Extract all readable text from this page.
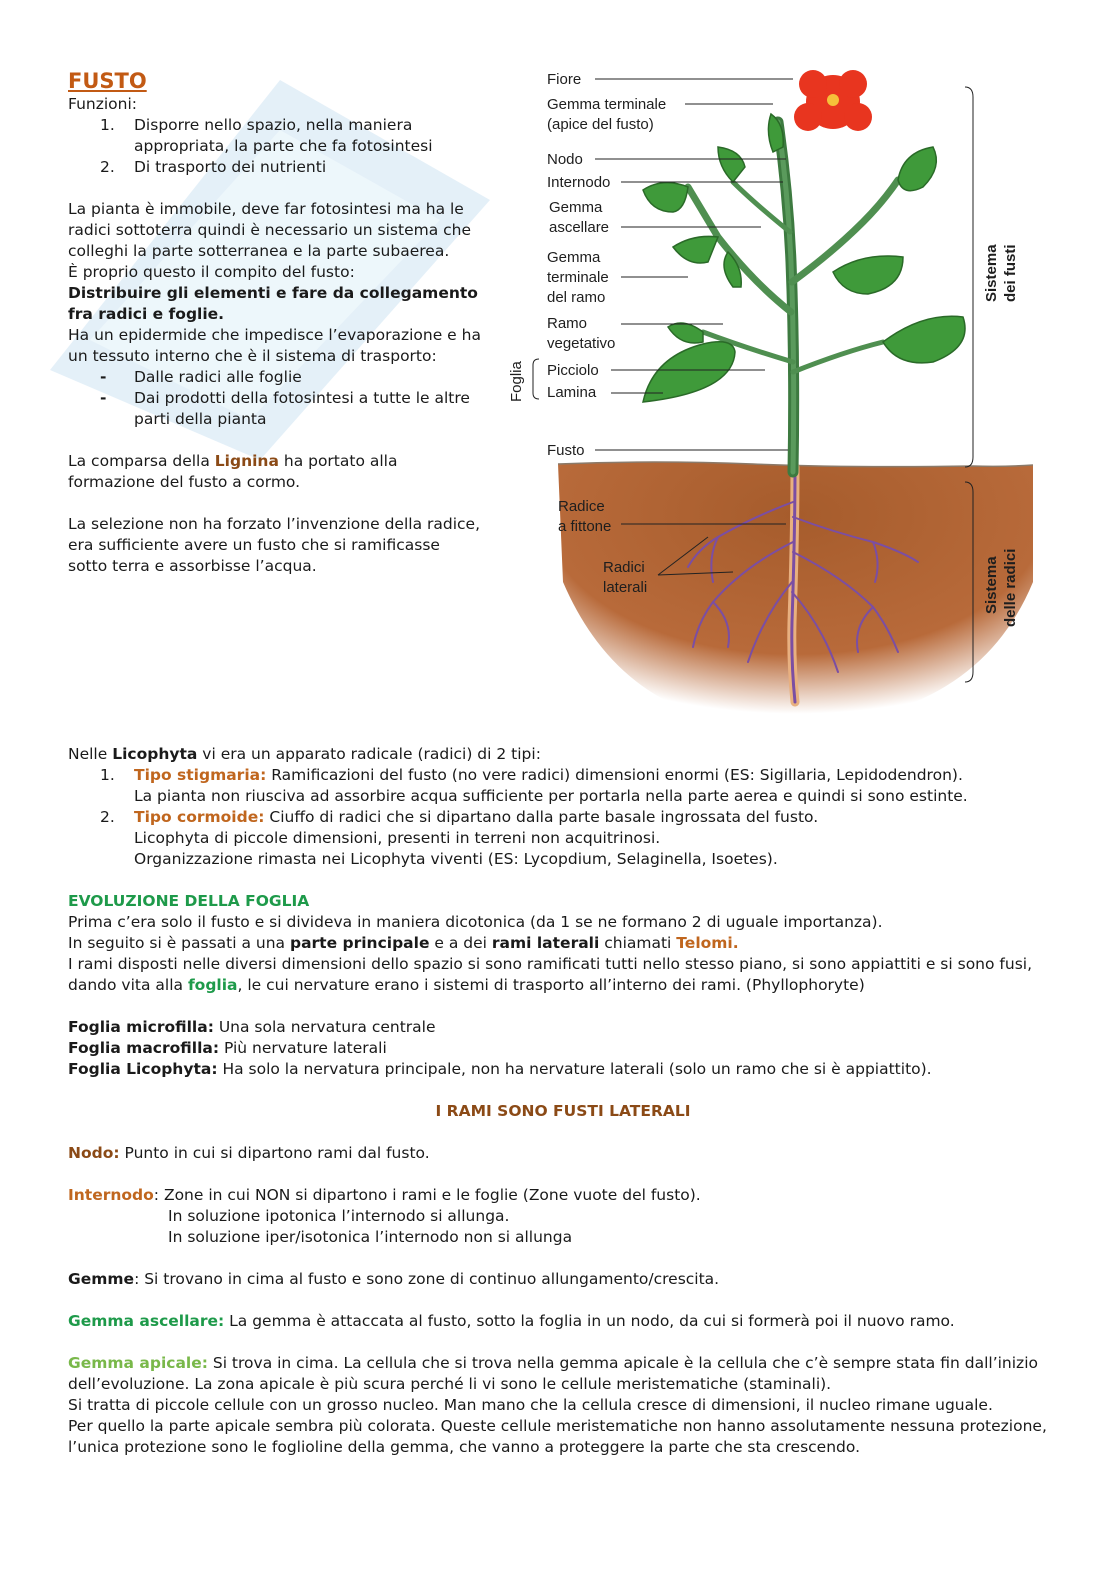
FUSTO

Funzioni:

1. Disporre nello spazio, nella maniera appropriata, la parte che fa fotosintesi
2. Di trasporto dei nutrienti

La pianta è immobile, deve far fotosintesi ma ha le radici sottoterra quindi è necessario un sistema che colleghi la parte sotterranea e la parte subaerea.

È proprio questo il compito del fusto:

Distribuire gli elementi e fare da collegamento fra radici e foglie.

Ha un epidermide che impedisce l’evaporazione e ha un tessuto interno che è il sistema di trasporto:

- Dalle radici alle foglie
- Dai prodotti della fotosintesi a tutte le altre parti della pianta

La comparsa della Lignina ha portato alla formazione del fusto a cormo.

La selezione non ha forzato l’invenzione della radice, era sufficiente avere un fusto che si ramificasse sotto terra e assorbisse l’acqua.

Fiore
Gemma terminale
(apice del fusto)
Nodo
Internodo
Gemma
ascellare
Gemma
terminale
del ramo
Ramo
vegetativo
Foglia Picciolo
Lamina
Fusto
Radice
a fittone
Radici
laterali
Sistema dei fusti
Sistema delle radici

Nelle Licophyta vi era un apparato radicale (radici) di 2 tipi:

1. Tipo stigmaria: Ramificazioni del fusto (no vere radici) dimensioni enormi (ES: Sigillaria, Lepidodendron).
La pianta non riusciva ad assorbire acqua sufficiente per portarla nella parte aerea e quindi si sono estinte.
2. Tipo cormoide: Ciuffo di radici che si dipartano dalla parte basale ingrossata del fusto.
Licophyta di piccole dimensioni, presenti in terreni non acquitrinosi.
Organizzazione rimasta nei Licophyta viventi (ES: Lycopdium, Selaginella, Isoetes).

EVOLUZIONE DELLA FOGLIA

Prima c’era solo il fusto e si divideva in maniera dicotonica (da 1 se ne formano 2 di uguale importanza).

In seguito si è passati a una parte principale e a dei rami laterali chiamati Telomi.

I rami disposti nelle diversi dimensioni dello spazio si sono ramificati tutti nello stesso piano, si sono appiattiti e si sono fusi, dando vita alla foglia, le cui nervature erano i sistemi di trasporto all’interno dei rami. (Phyllophoryte)

Foglia microfilla: Una sola nervatura centrale

Foglia macrofilla: Più nervature laterali

Foglia Licophyta: Ha solo la nervatura principale, non ha nervature laterali (solo un ramo che si è appiattito).

I RAMI SONO FUSTI LATERALI

Nodo: Punto in cui si dipartono rami dal fusto.

Internodo: Zone in cui NON si dipartono i rami e le foglie (Zone vuote del fusto).

In soluzione ipotonica l’internodo si allunga.

In soluzione iper/isotonica l’internodo non si allunga

Gemme: Si trovano in cima al fusto e sono zone di continuo allungamento/crescita.

Gemma ascellare: La gemma è attaccata al fusto, sotto la foglia in un nodo, da cui si formerà poi il nuovo ramo.

Gemma apicale: Si trova in cima. La cellula che si trova nella gemma apicale è la cellula che c’è sempre stata fin dall’inizio dell’evoluzione. La zona apicale è più scura perché li vi sono le cellule meristematiche (staminali).

Si tratta di piccole cellule con un grosso nucleo. Man mano che la cellula cresce di dimensioni, il nucleo rimane uguale.

Per quello la parte apicale sembra più colorata. Queste cellule meristematiche non hanno assolutamente nessuna protezione, l’unica protezione sono le foglioline della gemma, che vanno a proteggere la parte che sta crescendo.
